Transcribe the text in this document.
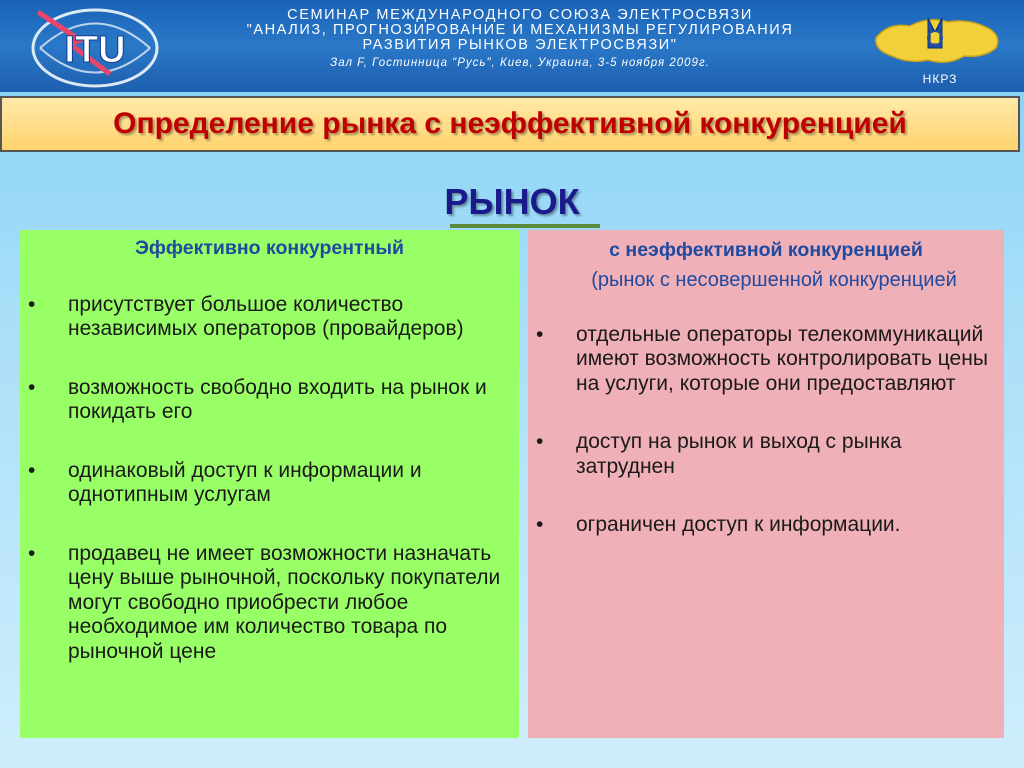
ITU
СЕМИНАР МЕЖДУНАРОДНОГО СОЮЗА ЭЛЕКТРОСВЯЗИ
"АНАЛИЗ, ПРОГНОЗИРОВАНИЕ И МЕХАНИЗМЫ РЕГУЛИРОВАНИЯ
РАЗВИТИЯ РЫНКОВ ЭЛЕКТРОСВЯЗИ"
Зал F, Гостинница "Русь", Киев, Украина, 3-5 ноября 2009г.
НКРЗ
Определение рынка с неэффективной конкуренцией
РЫНОК
Эффективно конкурентный
• присутствует большое количество независимых операторов (провайдеров)
• возможность свободно входить на рынок и покидать его
• одинаковый доступ к информации и однотипным услугам
• продавец не имеет возможности назначать цену выше рыночной, поскольку покупатели могут свободно приобрести любое необходимое им количество товара по рыночной цене
с неэффективной конкуренцией
(рынок с несовершенной конкуренцией
• отдельные операторы телекоммуникаций имеют возможность контролировать цены на услуги, которые они предоставляют
• доступ на рынок и выход с рынка затруднен
• ограничен доступ к информации.
